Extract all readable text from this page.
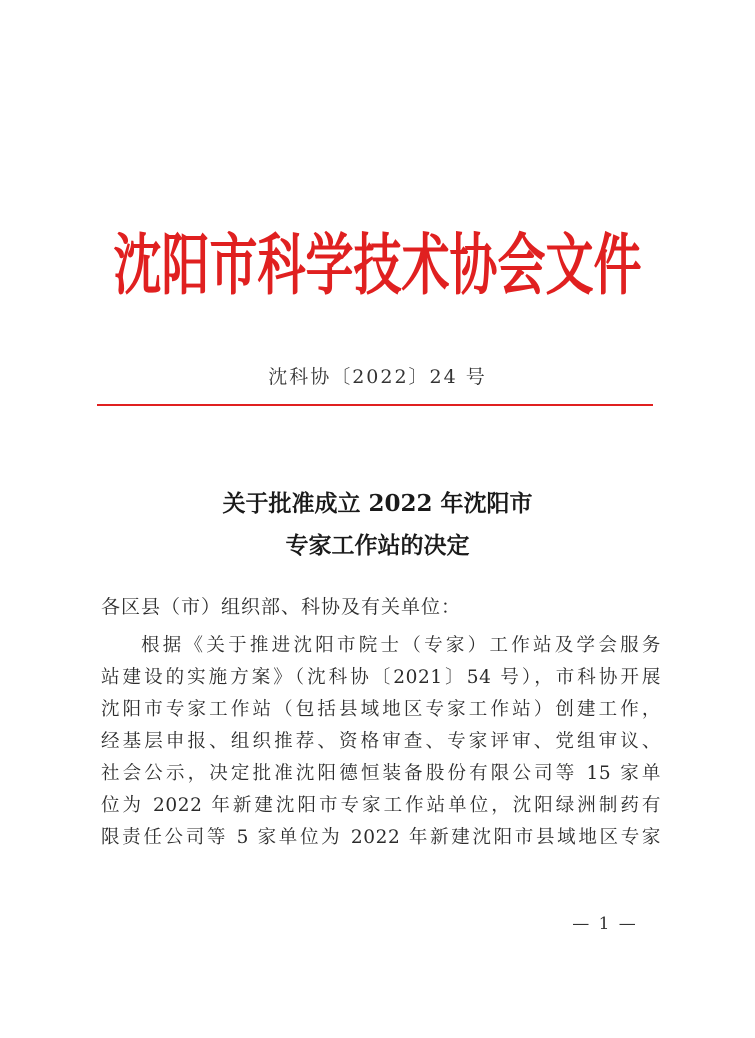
沈阳市科学技术协会文件
沈科协〔2022〕24 号
关于批准成立 2022 年沈阳市
专家工作站的决定
各区县（市）组织部、科协及有关单位：
根据《关于推进沈阳市院士（专家）工作站及学会服务
站建设的实施方案》（沈科协〔2021〕54 号），市科协开展
沈阳市专家工作站（包括县域地区专家工作站）创建工作，
经基层申报、组织推荐、资格审查、专家评审、党组审议、
社会公示，决定批准沈阳德恒装备股份有限公司等 15 家单
位为 2022 年新建沈阳市专家工作站单位，沈阳绿洲制药有
限责任公司等 5 家单位为 2022 年新建沈阳市县域地区专家
— 1 —
